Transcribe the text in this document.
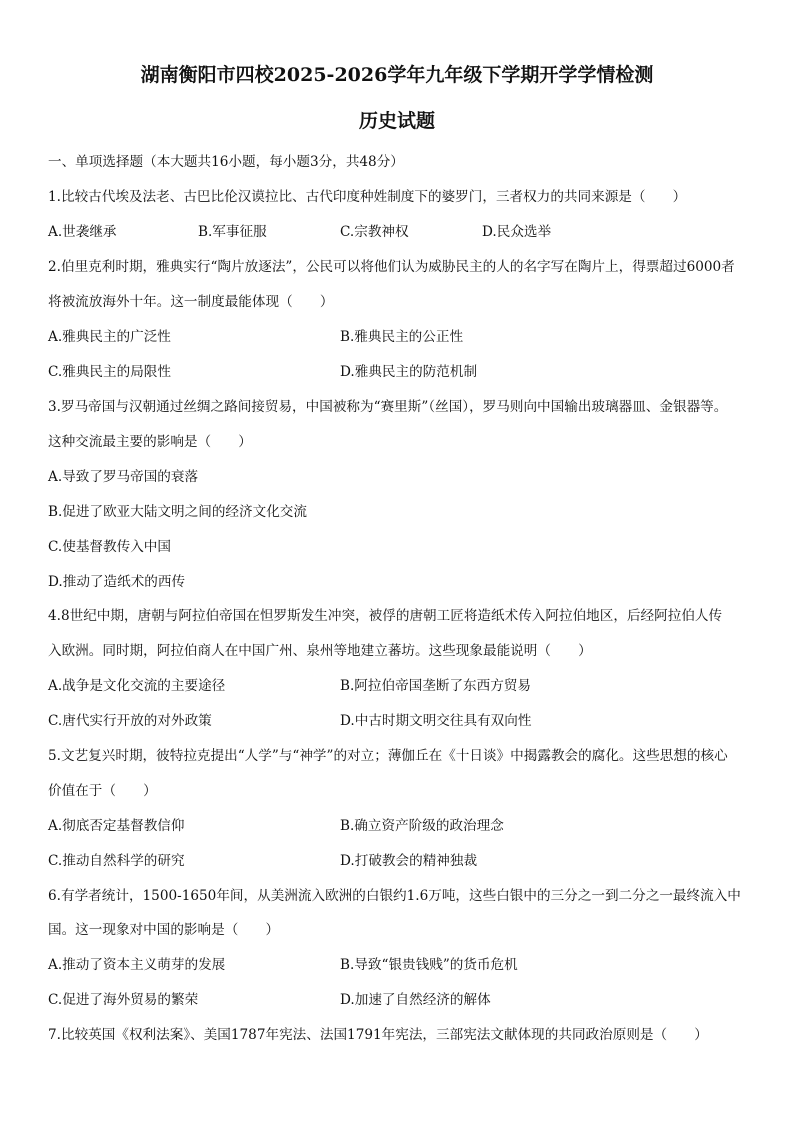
湖南衡阳市四校2025-2026学年九年级下学期开学学情检测
历史试题

一、单项选择题（本大题共16小题，每小题3分，共48分）

1.比较古代埃及法老、古巴比伦汉谟拉比、古代印度种姓制度下的婆罗门，三者权力的共同来源是（　　）

A.世袭继承	B.军事征服	C.宗教神权	D.民众选举

2.伯里克利时期，雅典实行“陶片放逐法”，公民可以将他们认为威胁民主的人的名字写在陶片上，得票超过6000者

将被流放海外十年。这一制度最能体现（　　）

A.雅典民主的广泛性	B.雅典民主的公正性

C.雅典民主的局限性	D.雅典民主的防范机制

3.罗马帝国与汉朝通过丝绸之路间接贸易，中国被称为“赛里斯”（丝国），罗马则向中国输出玻璃器皿、金银器等。

这种交流最主要的影响是（　　）

A.导致了罗马帝国的衰落

B.促进了欧亚大陆文明之间的经济文化交流

C.使基督教传入中国

D.推动了造纸术的西传

4.8世纪中期，唐朝与阿拉伯帝国在怛罗斯发生冲突，被俘的唐朝工匠将造纸术传入阿拉伯地区，后经阿拉伯人传

入欧洲。同时期，阿拉伯商人在中国广州、泉州等地建立蕃坊。这些现象最能说明（　　）

A.战争是文化交流的主要途径	B.阿拉伯帝国垄断了东西方贸易

C.唐代实行开放的对外政策	D.中古时期文明交往具有双向性

5.文艺复兴时期，彼特拉克提出“人学”与“神学”的对立；薄伽丘在《十日谈》中揭露教会的腐化。这些思想的核心

价值在于（　　）

A.彻底否定基督教信仰	B.确立资产阶级的政治理念

C.推动自然科学的研究	D.打破教会的精神独裁

6.有学者统计，1500-1650年间，从美洲流入欧洲的白银约1.6万吨，这些白银中的三分之一到二分之一最终流入中

国。这一现象对中国的影响是（　　）

A.推动了资本主义萌芽的发展	B.导致“银贵钱贱”的货币危机

C.促进了海外贸易的繁荣	D.加速了自然经济的解体

7.比较英国《权利法案》、美国1787年宪法、法国1791年宪法，三部宪法文献体现的共同政治原则是（　　）
